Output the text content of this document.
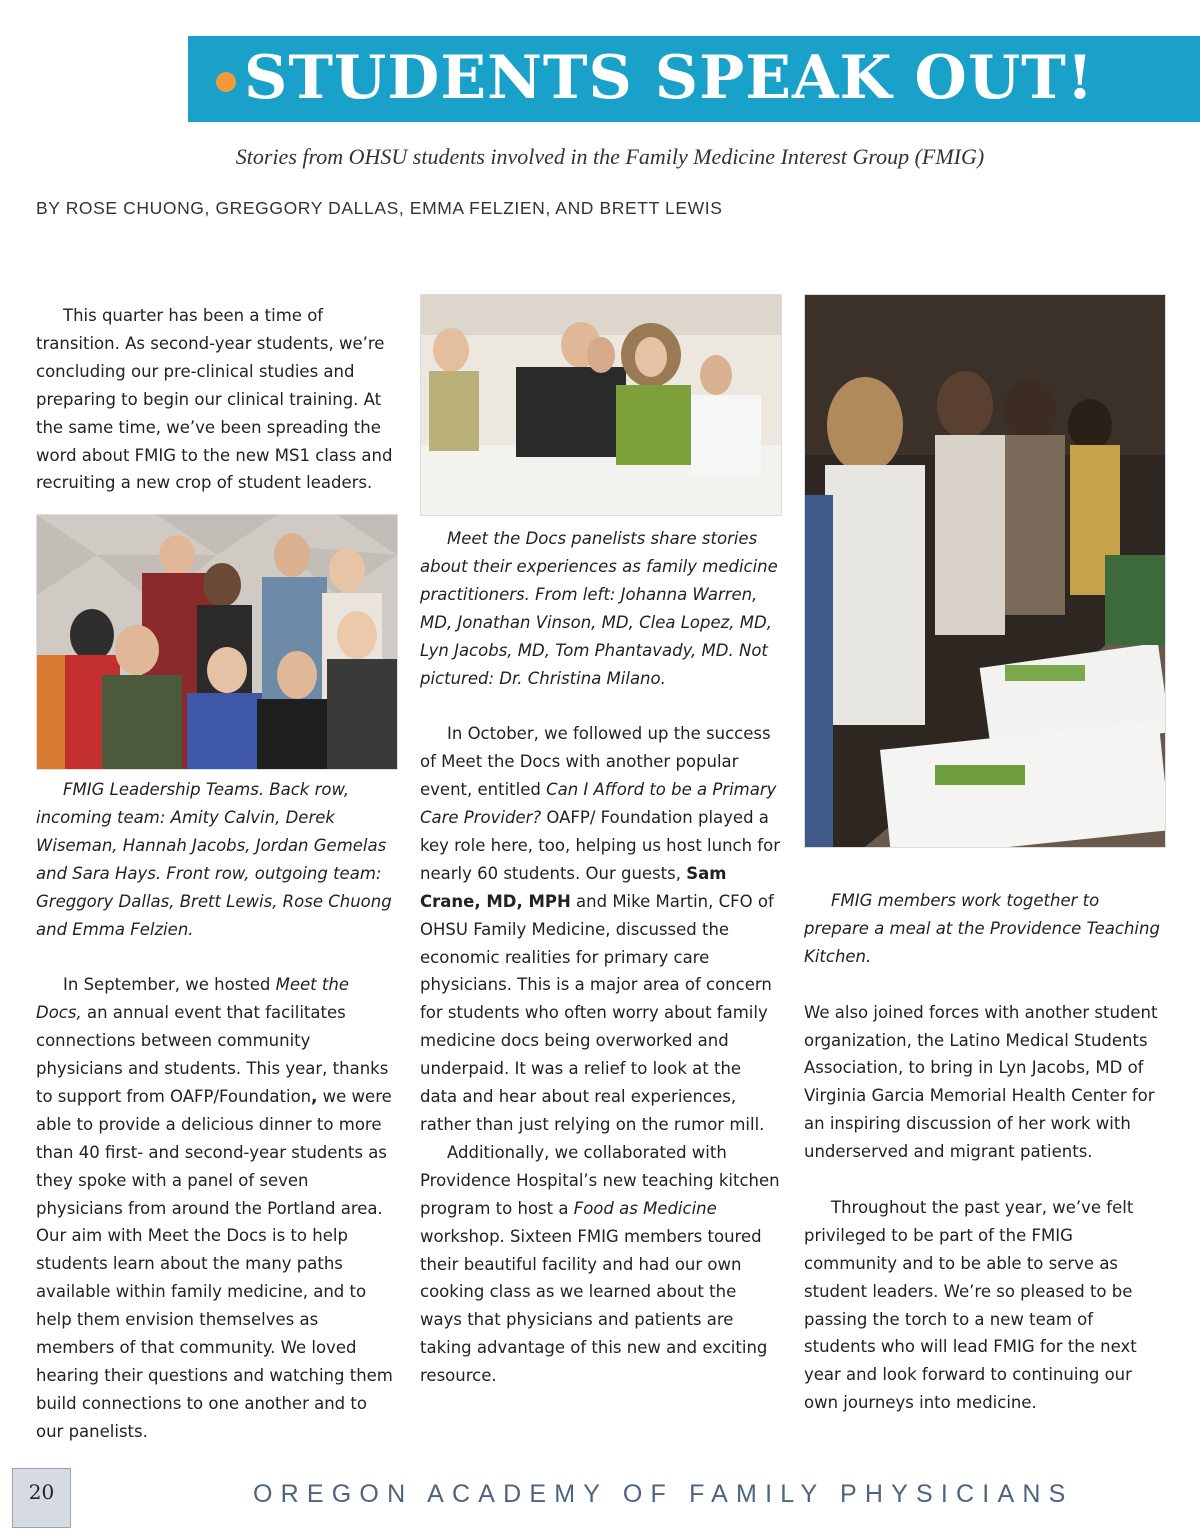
STUDENTS SPEAK OUT!
Stories from OHSU students involved in the Family Medicine Interest Group (FMIG)
BY ROSE CHUONG, GREGGORY DALLAS, EMMA FELZIEN, AND BRETT LEWIS

This quarter has been a time of transition. As second-year students, we’re concluding our pre-clinical studies and preparing to begin our clinical training. At the same time, we’ve been spreading the word about FMIG to the new MS1 class and recruiting a new crop of student leaders.

FMIG Leadership Teams. Back row, incoming team: Amity Calvin, Derek Wiseman, Hannah Jacobs, Jordan Gemelas and Sara Hays. Front row, outgoing team: Greggory Dallas, Brett Lewis, Rose Chuong and Emma Felzien.

In September, we hosted Meet the Docs, an annual event that facilitates connections between community physicians and students. This year, thanks to support from OAFP/Foundation, we were able to provide a delicious dinner to more than 40 first- and second-year students as they spoke with a panel of seven physicians from around the Portland area. Our aim with Meet the Docs is to help students learn about the many paths available within family medicine, and to help them envision themselves as members of that community. We loved hearing their questions and watching them build connections to one another and to our panelists.

Meet the Docs panelists share stories about their experiences as family medicine practitioners. From left: Johanna Warren, MD, Jonathan Vinson, MD, Clea Lopez, MD, Lyn Jacobs, MD, Tom Phantavady, MD. Not pictured: Dr. Christina Milano.

In October, we followed up the success of Meet the Docs with another popular event, entitled Can I Afford to be a Primary Care Provider? OAFP/ Foundation played a key role here, too, helping us host lunch for nearly 60 students. Our guests, Sam Crane, MD, MPH and Mike Martin, CFO of OHSU Family Medicine, discussed the economic realities for primary care physicians. This is a major area of concern for students who often worry about family medicine docs being overworked and underpaid. It was a relief to look at the data and hear about real experiences, rather than just relying on the rumor mill.

Additionally, we collaborated with Providence Hospital’s new teaching kitchen program to host a Food as Medicine workshop. Sixteen FMIG members toured their beautiful facility and had our own cooking class as we learned about the ways that physicians and patients are taking advantage of this new and exciting resource.

FMIG members work together to prepare a meal at the Providence Teaching Kitchen.

We also joined forces with another student organization, the Latino Medical Students Association, to bring in Lyn Jacobs, MD of Virginia Garcia Memorial Health Center for an inspiring discussion of her work with underserved and migrant patients.

Throughout the past year, we’ve felt privileged to be part of the FMIG community and to be able to serve as student leaders. We’re so pleased to be passing the torch to a new team of students who will lead FMIG for the next year and look forward to continuing our own journeys into medicine.

20	OREGON ACADEMY OF FAMILY PHYSICIANS
